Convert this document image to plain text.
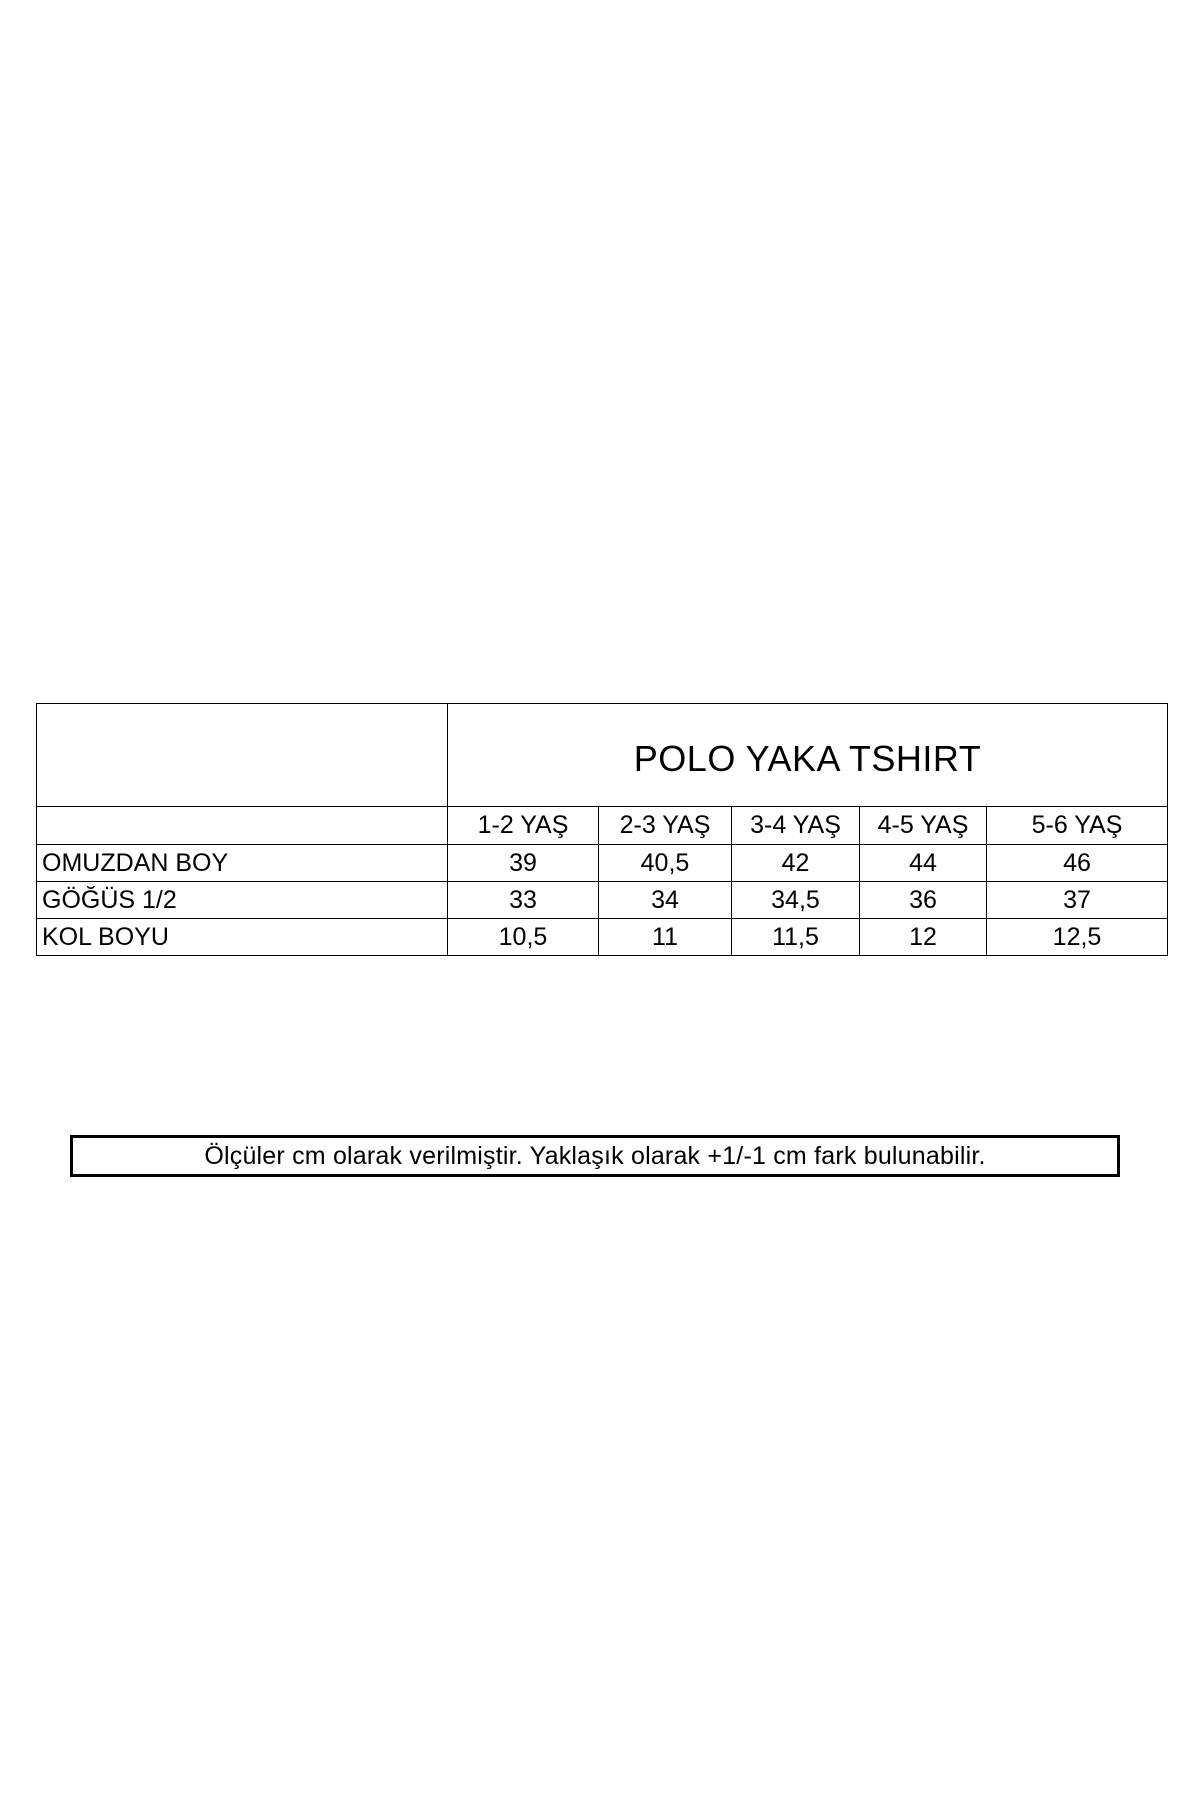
	POLO YAKA TSHIRT				
	1-2 YAŞ	2-3 YAŞ	3-4 YAŞ	4-5 YAŞ	5-6 YAŞ
OMUZDAN BOY	39	40,5	42	44	46
GÖĞÜS 1/2	33	34	34,5	36	37
KOL BOYU	10,5	11	11,5	12	12,5
Ölçüler cm olarak verilmiştir. Yaklaşık olarak +1/-1 cm fark bulunabilir.
